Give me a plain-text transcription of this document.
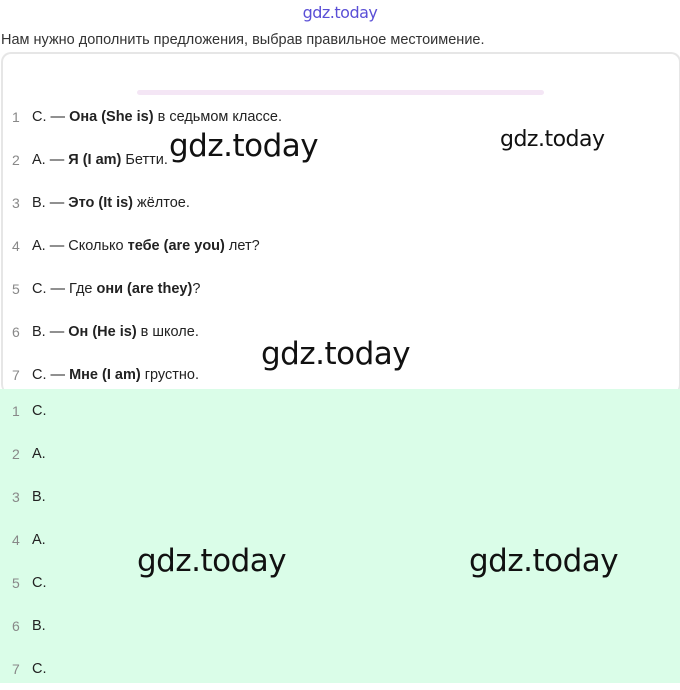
gdz.today
Нам нужно дополнить предложения, выбрав правильное местоимение.
1 C. — Она (She is) в седьмом классе.
2 A. — Я (I am) Бетти.
3 B. — Это (It is) жёлтое.
4 A. — Сколько тебе (are you) лет?
5 C. — Где они (are they) ?
6 B. — Он (He is) в школе.
7 C. — Мне (I am) грустно.
1 C.
2 A.
3 B.
4 A.
5 C.
6 B.
7 C.
gdz.today	gdz.today
gdz.today
gdz.today	gdz.today
